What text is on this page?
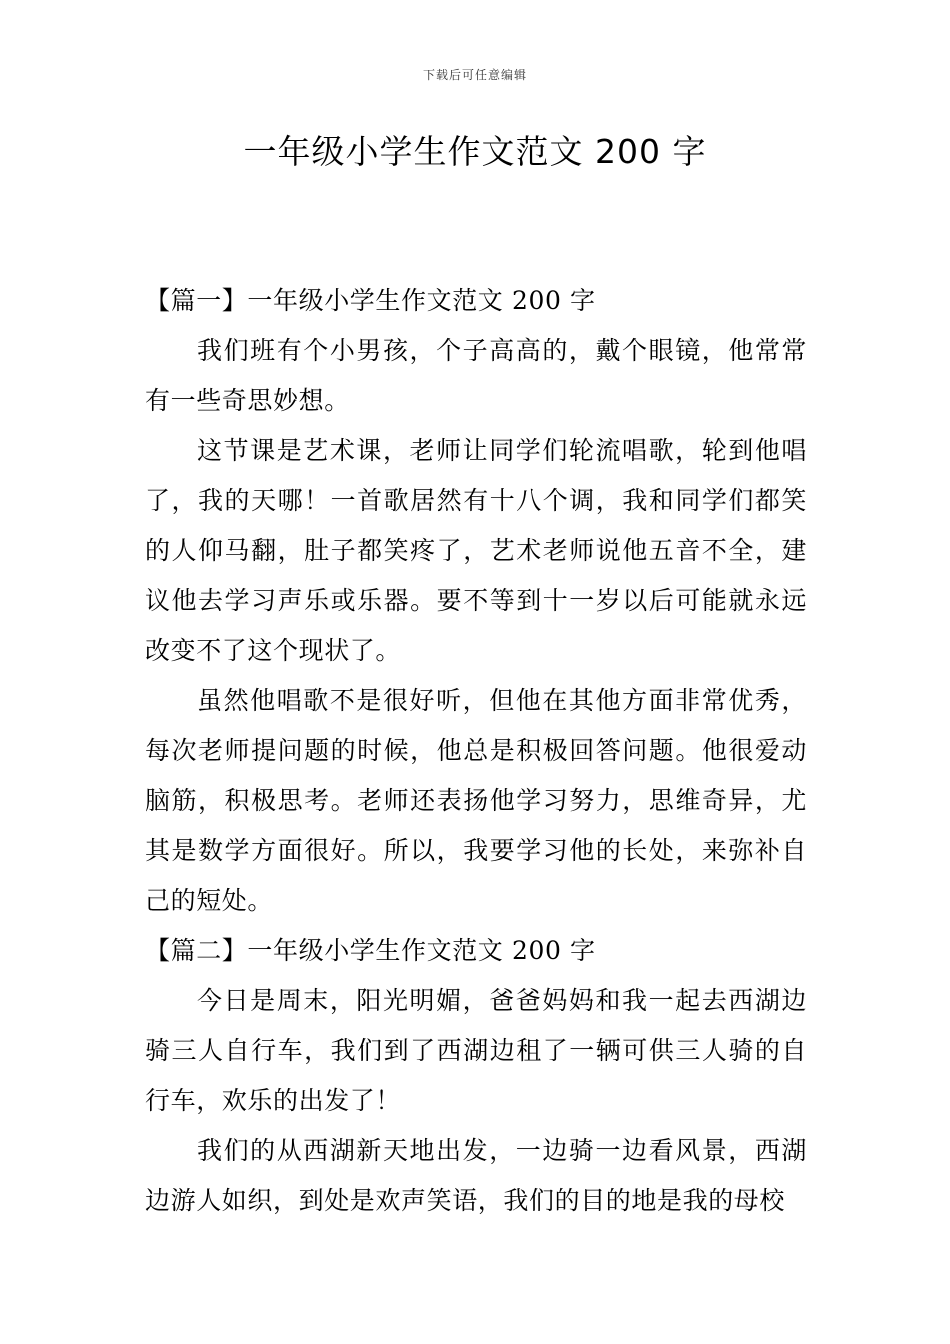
下载后可任意编辑
一年级小学生作文范文 200 字
【篇一】一年级小学生作文范文 200 字

我们班有个小男孩，个子高高的，戴个眼镜，他常常有一些奇思妙想。

这节课是艺术课，老师让同学们轮流唱歌，轮到他唱了，我的天哪！一首歌居然有十八个调，我和同学们都笑的人仰马翻，肚子都笑疼了，艺术老师说他五音不全，建议他去学习声乐或乐器。要不等到十一岁以后可能就永远改变不了这个现状了。

虽然他唱歌不是很好听，但他在其他方面非常优秀，每次老师提问题的时候，他总是积极回答问题。他很爱动脑筋，积极思考。老师还表扬他学习努力，思维奇异，尤其是数学方面很好。所以，我要学习他的长处，来弥补自己的短处。

【篇二】一年级小学生作文范文 200 字

今日是周末，阳光明媚，爸爸妈妈和我一起去西湖边骑三人自行车，我们到了西湖边租了一辆可供三人骑的自行车，欢乐的出发了！

我们的从西湖新天地出发，一边骑一边看风景，西湖边游人如织，到处是欢声笑语，我们的目的地是我的母校
